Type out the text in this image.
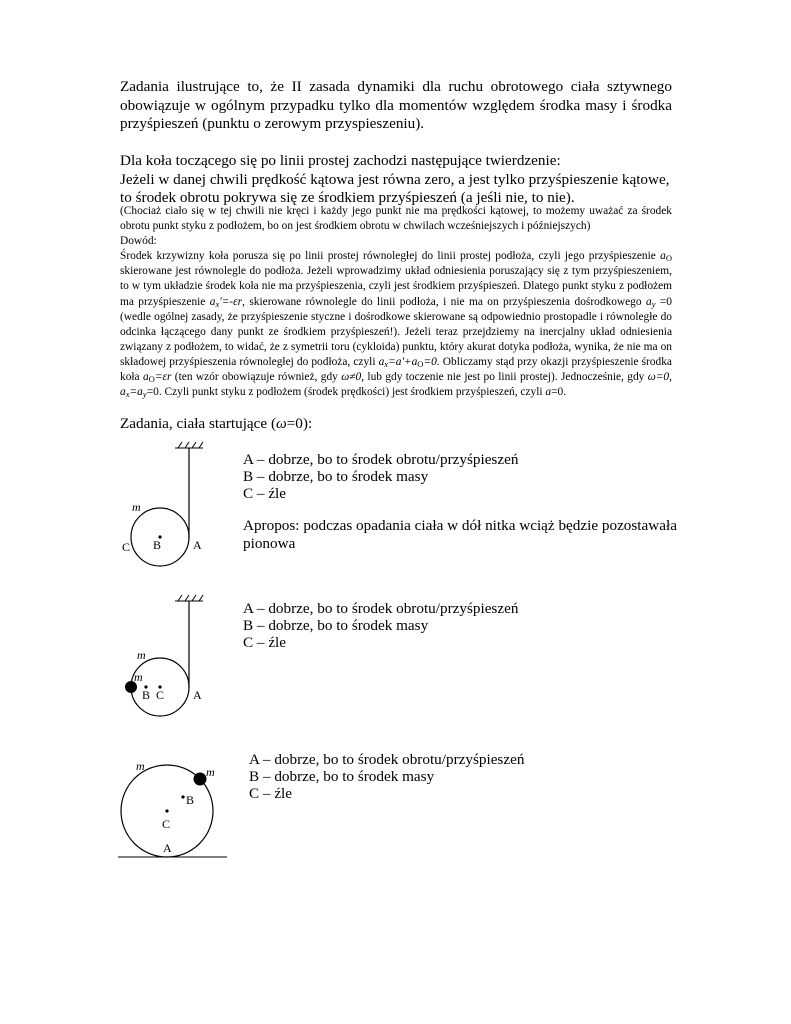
Zadania ilustrujące to, że II zasada dynamiki dla ruchu obrotowego ciała sztywnego obowiązuje w ogólnym przypadku tylko dla momentów względem środka masy i środka przyśpieszeń (punktu o zerowym przyspieszeniu).
Dla koła toczącego się po linii prostej zachodzi następujące twierdzenie:
Jeżeli w danej chwili prędkość kątowa jest równa zero, a jest tylko przyśpieszenie kątowe, to środek obrotu pokrywa się ze środkiem przyśpieszeń (a jeśli nie, to nie).

(Chociaż ciało się w tej chwili nie kręci i każdy jego punkt nie ma prędkości kątowej, to możemy uważać za środek obrotu punkt styku z podłożem, bo on jest środkiem obrotu w chwilach wcześniejszych i późniejszych)

Dowód:

Środek krzywizny koła porusza się po linii prostej równoległej do linii prostej podłoża, czyli jego przyśpieszenie $a_O$ skierowane jest równolegle do podłoża. Jeżeli wprowadzimy układ odniesienia poruszający się z tym przyśpieszeniem, to w tym układzie środek koła nie ma przyśpieszenia, czyli jest środkiem przyśpieszeń. Dlatego punkt styku z podłożem ma przyśpieszenie $a_x'=-\varepsilon r$, skierowane równolegle do linii podłoża, i nie ma on przyśpieszenia dośrodkowego $a_y =0$ (wedle ogólnej zasady, że przyśpieszenie styczne i dośrodkowe skierowane są odpowiednio prostopadle i równoległe do odcinka łączącego dany punkt ze środkiem przyśpieszeń!). Jeżeli teraz przejdziemy na inercjalny układ odniesienia związany z podłożem, to widać, że z symetrii toru (cykloida) punktu, który akurat dotyka podłoża, wynika, że nie ma on składowej przyśpieszenia równoległej do podłoża, czyli $a_x=a'+a_O=0$. Obliczamy stąd przy okazji przyśpieszenie środka koła $a_O=\varepsilon r$ (ten wzór obowiązuje również, gdy ω≠0, lub gdy toczenie nie jest po linii prostej). Jednocześnie, gdy ω=0, $a_x=a_y=0$. Czyli punkt styku z podłożem (środek prędkości) jest środkiem przyśpieszeń, czyli a=0.

Zadania, ciała startujące (ω=0):
m
C B	A
m
m
B C A
m	m
B
C
A
A – dobrze, bo to środek obrotu/przyśpieszeń
B – dobrze, bo to środek masy
C – źle
Apropos: podczas opadania ciała w dół nitka wciąż będzie pozostawała pionowa
A – dobrze, bo to środek obrotu/przyśpieszeń
B – dobrze, bo to środek masy
C – źle
A – dobrze, bo to środek obrotu/przyśpieszeń
B – dobrze, bo to środek masy
C – źle
